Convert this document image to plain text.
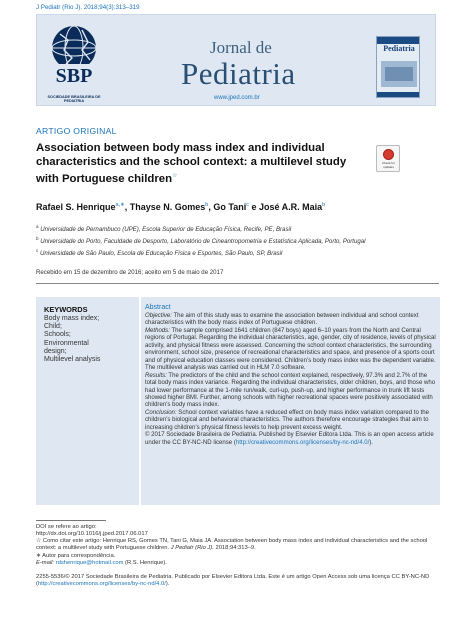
J Pediatr (Rio J). 2018;94(3):313–319
SBP
SOCIEDADE BRASILEIRA DE PEDIATRIA
Jornal de
Pediatria
www.jped.com.br
Pediatria
ARTIGO ORIGINAL
Association between body mass index and individual characteristics and the school context: a multilevel study with Portuguese children☆
Check for updates
Rafael S. Henrique$^{a,∗}$, Thayse N. Gomes$^b$, Go Tani$^c$ e José A.R. Maia$^b$
$^a$ Universidade de Pernambuco (UPE), Escola Superior de Educação Física, Recife, PE, Brasil
$^b$ Universidade do Porto, Faculdade de Desporto, Laboratório de Cineantropometria e Estatística Aplicada, Porto, Portugal
$^c$ Universidade de São Paulo, Escola de Educação Física e Esportes, São Paulo, SP, Brasil
Recebido em 15 de dezembro de 2016; aceito em 5 de maio de 2017
KEYWORDS
Body mass index;
Child;
Schools;
Environmental
design;
Multilevel analysis
Abstract
Objective: The aim of this study was to examine the association between individual and school context characteristics with the body mass index of Portuguese children.
Methods: The sample comprised 1641 children (847 boys) aged 6–10 years from the North and Central regions of Portugal. Regarding the individual characteristics, age, gender, city of residence, levels of physical activity, and physical fitness were assessed. Concerning the school context characteristics, the surrounding environment, school size, presence of recreational characteristics and space, and presence of a sports court and of physical education classes were considered. Children’s body mass index was the dependent variable. The multilevel analysis was carried out in HLM 7.0 software.
Results: The predictors of the child and the school context explained, respectively, 97.3% and 2.7% of the total body mass index variance. Regarding the individual characteristics, older children, boys, and those who had lower performance at the 1-mile run/walk, curl-up, push-up, and higher performance in trunk lift tests showed higher BMI. Further, among schools with higher recreational spaces were positively associated with children’s body mass index.
Conclusion: School context variables have a reduced effect on body mass index variation compared to the children’s biological and behavioral characteristics. The authors therefore encourage strategies that aim to increasing children’s physical fitness levels to help prevent excess weight.
© 2017 Sociedade Brasileira de Pediatria. Published by Elsevier Editora Ltda. This is an open access article under the CC BY-NC-ND license (http://creativecommons.org/licenses/by-nc-nd/4.0/).
DOI se refere ao artigo:
http://dx.doi.org/10.1016/j.jped.2017.06.017
☆ Como citar este artigo: Henrique RS, Gomes TN, Tani G, Maia JA. Association between body mass index and individual characteristics and the school context: a multilevel study with Portuguese children. J Pediatr (Rio J). 2018;94:313–9.
∗ Autor para correspondência.
E-mail: rdshenrique@hotmail.com (R.S. Henrique).
2255-5536/© 2017 Sociedade Brasileira de Pediatria. Publicado por Elsevier Editora Ltda. Este é um artigo Open Access sob uma licença CC BY-NC-ND (http://creativecommons.org/licenses/by-nc-nd/4.0/).
